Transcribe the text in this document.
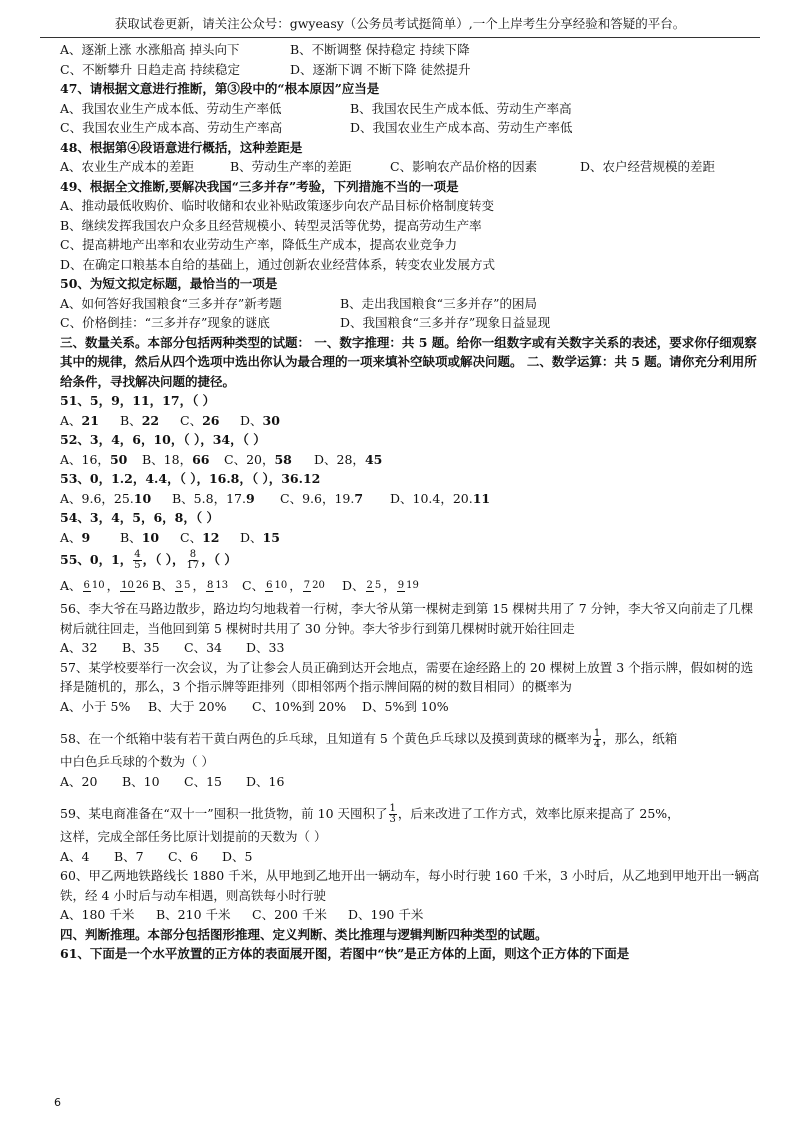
获取试卷更新，请关注公众号：gwyeasy（公务员考试挺简单）,一个上岸考生分享经验和答疑的平台。
A、逐渐上涨 水涨船高 掉头向下	B、不断调整 保持稳定 持续下降
C、不断攀升 日趋走高 持续稳定	D、逐渐下调 不断下降 徒然提升
47、请根据文意进行推断，第③段中的“根本原因”应当是
A、我国农业生产成本低、劳动生产率低	B、我国农民生产成本低、劳动生产率高
C、我国农业生产成本高、劳动生产率高	D、我国农业生产成本高、劳动生产率低
48、根据第④段语意进行概括，这种差距是
A、农业生产成本的差距	B、劳动生产率的差距	C、影响农产品价格的因素	D、农户经营规模的差距
49、根据全文推断,要解决我国“三多并存”考验，下列措施不当的一项是
A、推动最低收购价、临时收储和农业补贴政策逐步向农产品目标价格制度转变
B、继续发挥我国农户众多且经营规模小、转型灵活等优势，提高劳动生产率
C、提高耕地产出率和农业劳动生产率，降低生产成本，提高农业竞争力
D、在确定口粮基本自给的基础上，通过创新农业经营体系，转变农业发展方式
50、为短文拟定标题，最恰当的一项是
A、如何答好我国粮食“三多并存”新考题	B、走出我国粮食“三多并存”的困局
C、价格倒挂：“三多并存”现象的谜底	D、我国粮食“三多并存”现象日益显现
三、数量关系。本部分包括两种类型的试题： 一、数字推理：共 5 题。给你一组数字或有关数字关系的表述，要求你仔细观察其中的规律，然后从四个选项中选出你认为最合理的一项来填补空缺项或解决问题。 二、数学运算：共 5 题。请你充分利用所给条件，寻找解决问题的捷径。
51、5，9，11，17，（ ）
A、21 B、22 C、26 D、30
52、3，4，6，10，（ ），34，（ ）
A、16，50 B、18，66 C、20，58 D、28，45
53、0，1.2，4.4，（ ），16.8，（ ），36.12
A、9.6，25.10 B、5.8，17.9 C、9.6，19.7 D、10.4，20.11
54、3，4，5，6，8，（ ）
A、9 B、10 C、12 D、15
55、0，1， $\frac{4}{5}$ ，（ ）， $\frac{8}{17}$ ，（ ）
A、 6 10 ， 10 26 B、 3 5 ， 8 13 C、 6 10 ， 7 20 D、 2 5 ， 9 19
56、李大爷在马路边散步，路边均匀地栽着一行树，李大爷从第一棵树走到第 15 棵树共用了 7 分钟，李大爷又向前走了几棵树后就往回走，当他回到第 5 棵树时共用了 30 分钟。李大爷步行到第几棵树时就开始往回走
A、32 B、35 C、34 D、33
57、某学校要举行一次会议，为了让参会人员正确到达开会地点，需要在途经路上的 20 棵树上放置 3 个指示牌，假如树的选择是随机的，那么，3 个指示牌等距排列（即相邻两个指示牌间隔的树的数目相同）的概率为
A、小于 5% B、大于 20% C、10%到 20% D、5%到 10%
58、在一个纸箱中装有若干黄白两色的乒乓球，且知道有 5 个黄色乒乓球以及摸到黄球的概率为 $\frac{1}{4}$ ，那么，纸箱
中白色乒乓球的个数为（ ）
A、20 B、10 C、15 D、16
59、某电商准备在“双十一”囤积一批货物，前 10 天囤积了 $\frac{1}{3}$ ，后来改进了工作方式，效率比原来提高了 25%，
这样，完成全部任务比原计划提前的天数为（ ）
A、4 B、7 C、6 D、5
60、甲乙两地铁路线长 1880 千米，从甲地到乙地开出一辆动车，每小时行驶 160 千米，3 小时后，从乙地到甲地开出一辆高铁，经 4 小时后与动车相遇，则高铁每小时行驶
A、180 千米 B、210 千米 C、200 千米 D、190 千米
四、判断推理。本部分包括图形推理、定义判断、类比推理与逻辑判断四种类型的试题。
61、下面是一个水平放置的正方体的表面展开图，若图中“快”是正方体的上面，则这个正方体的下面是
6
